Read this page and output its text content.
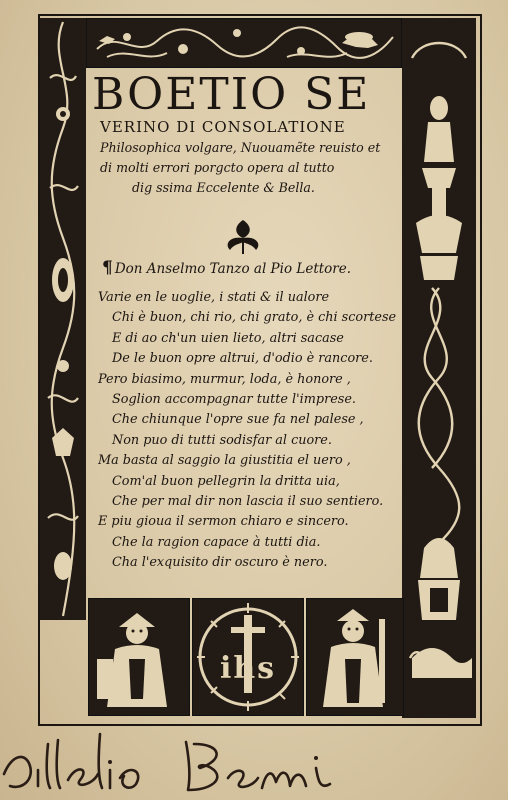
BOETIO SE
VERINO DI CONSOLATIONE
Philosophica volgare, Nuouamẽte reuisto et
di molti errori porgcto opera al tutto
dig ssima Eccelente & Bella.
¶ Don Anselmo Tanzo al Pio Lettore.
Varie en le uoglie, i stati & il ualore
Chi è buon, chi rio, chi grato, è chi scortese
E di ao ch'un uien lieto, altri sacase
De le buon opre altrui, d'odio è rancore.
Pero biasimo, murmur, loda, è honore ,
Soglion accompagnar tutte l'imprese.
Che chiunque l'opre sue fa nel palese ,
Non puo di tutti sodisfar al cuore.
Ma basta al saggio la giustitia el uero ,
Com'al buon pellegrin la dritta uia,
Che per mal dir non lascia il suo sentiero.
E piu gioua il sermon chiaro e sincero.
Che la ragion capace à tutti dia.
Cha l'exquisito dir oscuro è nero.
ihs
